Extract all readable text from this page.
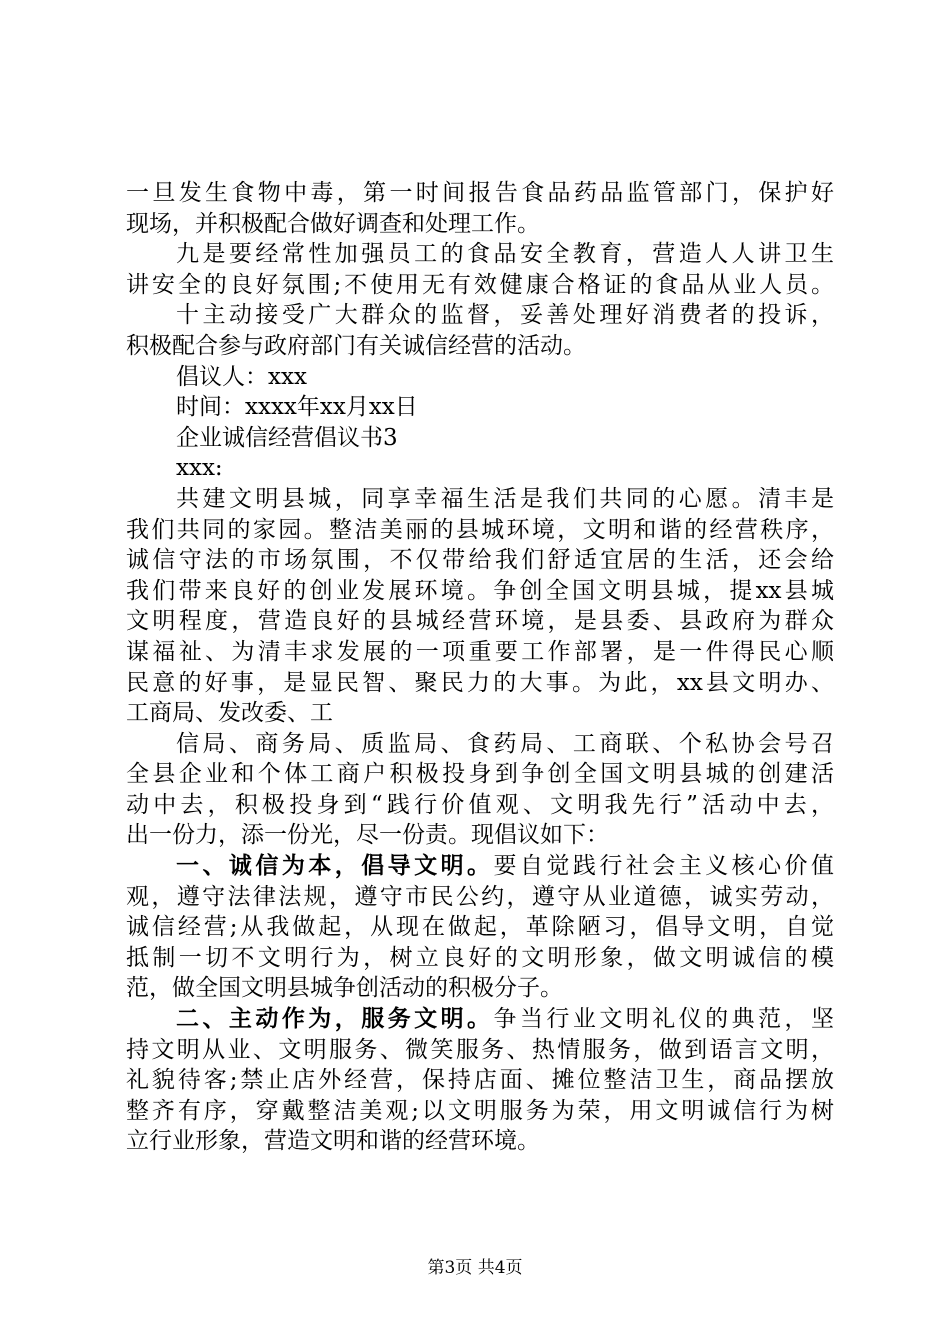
一旦发生食物中毒，第一时间报告食品药品监管部门，保护好
现场，并积极配合做好调查和处理工作。
九是要经常性加强员工的食品安全教育，营造人人讲卫生
讲安全的良好氛围;不使用无有效健康合格证的食品从业人员。
十主动接受广大群众的监督，妥善处理好消费者的投诉，
积极配合参与政府部门有关诚信经营的活动。
倡议人：xxx
时间：xxxx年xx月xx日
企业诚信经营倡议书3
xxx:
共建文明县城，同享幸福生活是我们共同的心愿。清丰是
我们共同的家园。整洁美丽的县城环境，文明和谐的经营秩序，
诚信守法的市场氛围，不仅带给我们舒适宜居的生活，还会给
我们带来良好的创业发展环境。争创全国文明县城，提xx县城
文明程度，营造良好的县城经营环境，是县委、县政府为群众
谋福祉、为清丰求发展的一项重要工作部署，是一件得民心顺
民意的好事，是显民智、聚民力的大事。为此，xx县文明办、
工商局、发改委、工
信局、商务局、质监局、食药局、工商联、个私协会号召
全县企业和个体工商户积极投身到争创全国文明县城的创建活
动中去，积极投身到“践行价值观、文明我先行”活动中去，
出一份力，添一份光，尽一份责。现倡议如下：
一、诚信为本，倡导文明。要自觉践行社会主义核心价值
观，遵守法律法规，遵守市民公约，遵守从业道德，诚实劳动，
诚信经营;从我做起，从现在做起，革除陋习，倡导文明，自觉
抵制一切不文明行为，树立良好的文明形象，做文明诚信的模
范，做全国文明县城争创活动的积极分子。
二、主动作为，服务文明。争当行业文明礼仪的典范，坚
持文明从业、文明服务、微笑服务、热情服务，做到语言文明，
礼貌待客;禁止店外经营，保持店面、摊位整洁卫生，商品摆放
整齐有序，穿戴整洁美观;以文明服务为荣，用文明诚信行为树
立行业形象，营造文明和谐的经营环境。
第3页 共4页
